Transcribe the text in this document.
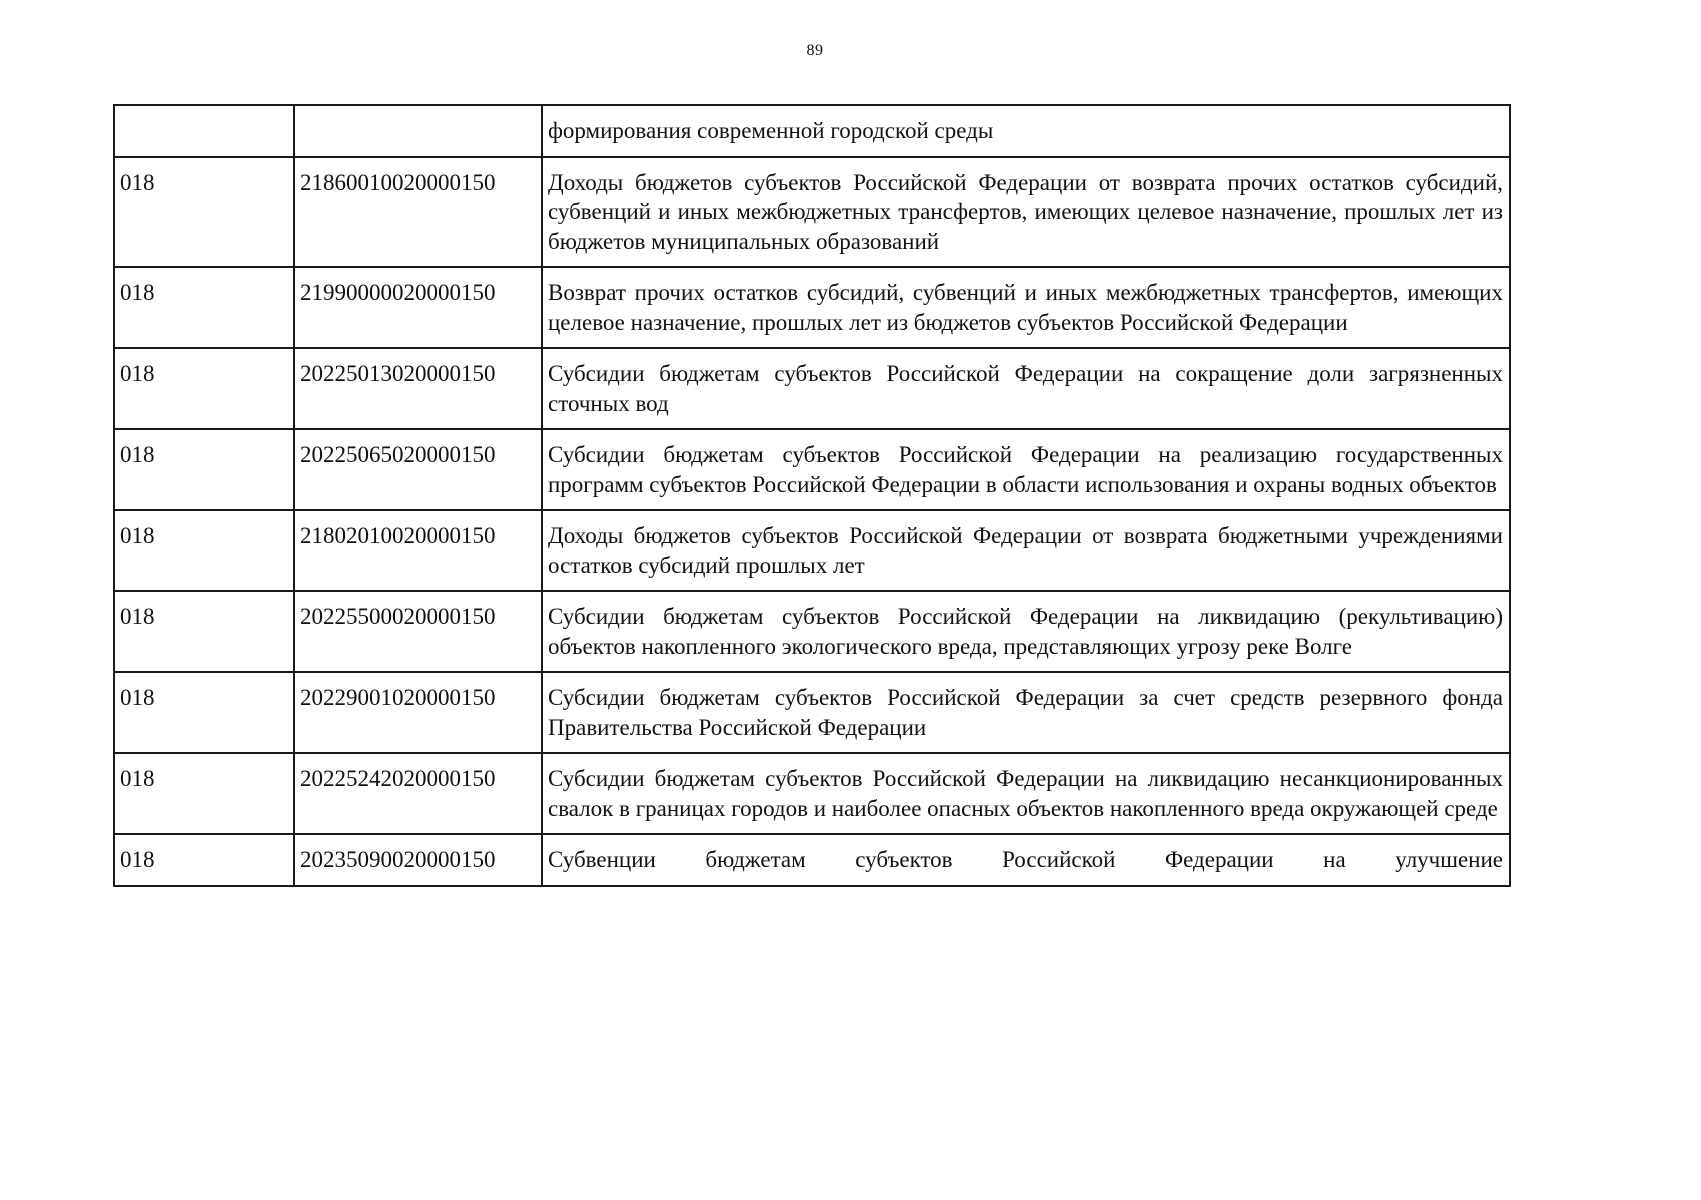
89
		формирования современной городской среды
018	21860010020000150	Доходы бюджетов субъектов Российской Федерации от возврата прочих остатков субсидий, субвенций и иных межбюджетных трансфертов, имеющих целевое назначение, прошлых лет из бюджетов муниципальных образований
018	21990000020000150	Возврат прочих остатков субсидий, субвенций и иных межбюджетных трансфертов, имеющих целевое назначение, прошлых лет из бюджетов субъектов Российской Федерации
018	20225013020000150	Субсидии бюджетам субъектов Российской Федерации на сокращение доли загрязненных сточных вод
018	20225065020000150	Субсидии бюджетам субъектов Российской Федерации на реализацию государственных программ субъектов Российской Федерации в области использования и охраны водных объектов
018	21802010020000150	Доходы бюджетов субъектов Российской Федерации от возврата бюджетными учреждениями остатков субсидий прошлых лет
018	20225500020000150	Субсидии бюджетам субъектов Российской Федерации на ликвидацию (рекультивацию) объектов накопленного экологического вреда, представляющих угрозу реке Волге
018	20229001020000150	Субсидии бюджетам субъектов Российской Федерации за счет средств резервного фонда Правительства Российской Федерации
018	20225242020000150	Субсидии бюджетам субъектов Российской Федерации на ликвидацию несанкционированных свалок в границах городов и наиболее опасных объектов накопленного вреда окружающей среде
018	20235090020000150	Субвенции бюджетам субъектов Российской Федерации на улучшение
